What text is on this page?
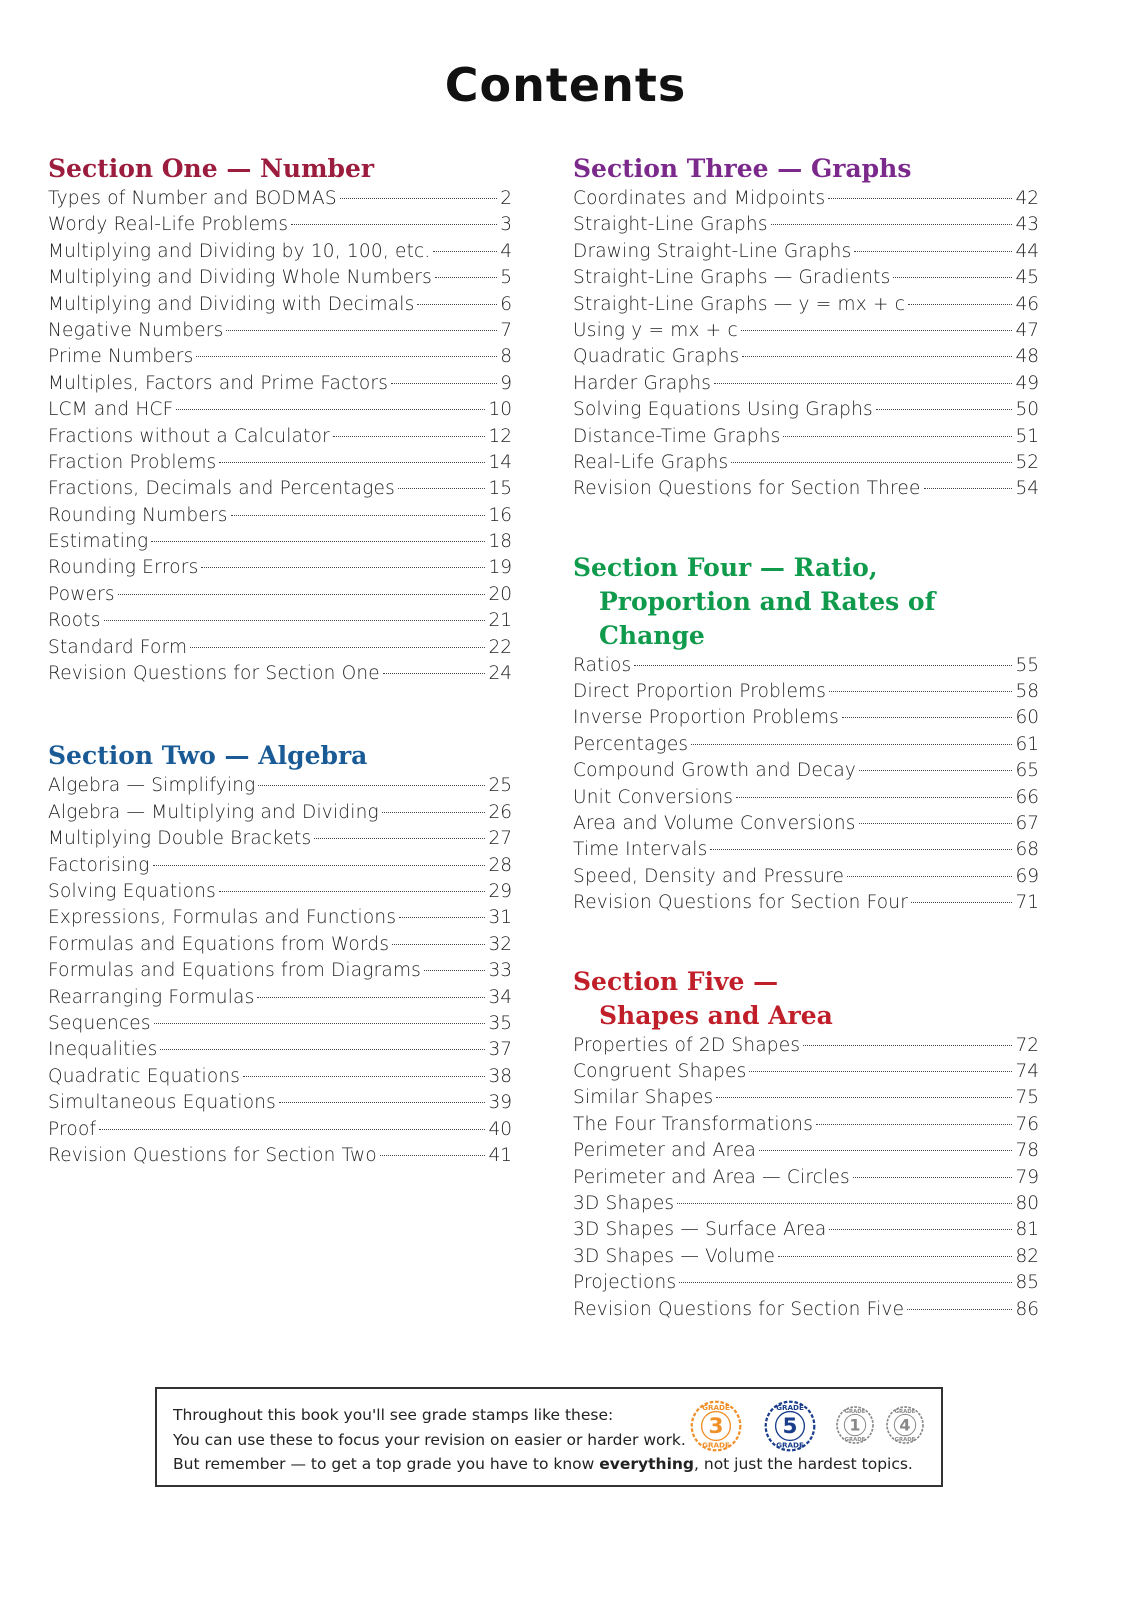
Contents
Section One — Number
Types of Number and BODMAS	2
Wordy Real-Life Problems	3
Multiplying and Dividing by 10, 100, etc.	4
Multiplying and Dividing Whole Numbers	5
Multiplying and Dividing with Decimals	6
Negative Numbers	7
Prime Numbers	8
Multiples, Factors and Prime Factors	9
LCM and HCF	10
Fractions without a Calculator	12
Fraction Problems	14
Fractions, Decimals and Percentages	15
Rounding Numbers	16
Estimating	18
Rounding Errors	19
Powers	20
Roots	21
Standard Form	22
Revision Questions for Section One	24
Section Two — Algebra
Algebra — Simplifying	25
Algebra — Multiplying and Dividing	26
Multiplying Double Brackets	27
Factorising	28
Solving Equations	29
Expressions, Formulas and Functions	31
Formulas and Equations from Words	32
Formulas and Equations from Diagrams	33
Rearranging Formulas	34
Sequences	35
Inequalities	37
Quadratic Equations	38
Simultaneous Equations	39
Proof	40
Revision Questions for Section Two	41
Section Three — Graphs
Coordinates and Midpoints	42
Straight-Line Graphs	43
Drawing Straight-Line Graphs	44
Straight-Line Graphs — Gradients	45
Straight-Line Graphs — y = mx + c	46
Using y = mx + c	47
Quadratic Graphs	48
Harder Graphs	49
Solving Equations Using Graphs	50
Distance-Time Graphs	51
Real-Life Graphs	52
Revision Questions for Section Three	54
Section Four — Ratio,
Proportion and Rates of Change
Ratios	55
Direct Proportion Problems	58
Inverse Proportion Problems	60
Percentages	61
Compound Growth and Decay	65
Unit Conversions	66
Area and Volume Conversions	67
Time Intervals	68
Speed, Density and Pressure	69
Revision Questions for Section Four	71
Section Five —
Shapes and Area
Properties of 2D Shapes	72
Congruent Shapes	74
Similar Shapes	75
The Four Transformations	76
Perimeter and Area	78
Perimeter and Area — Circles	79
3D Shapes	80
3D Shapes — Surface Area	81
3D Shapes — Volume	82
Projections	85
Revision Questions for Section Five	86
Throughout this book you'll see grade stamps like these:
You can use these to focus your revision on easier or harder work.
But remember — to get a top grade you have to know everything, not just the hardest topics.
GRADE
GRADE
3
GRADE
GRADE
5
GRADE
GRADE
1
GRADE
GRADE
4
